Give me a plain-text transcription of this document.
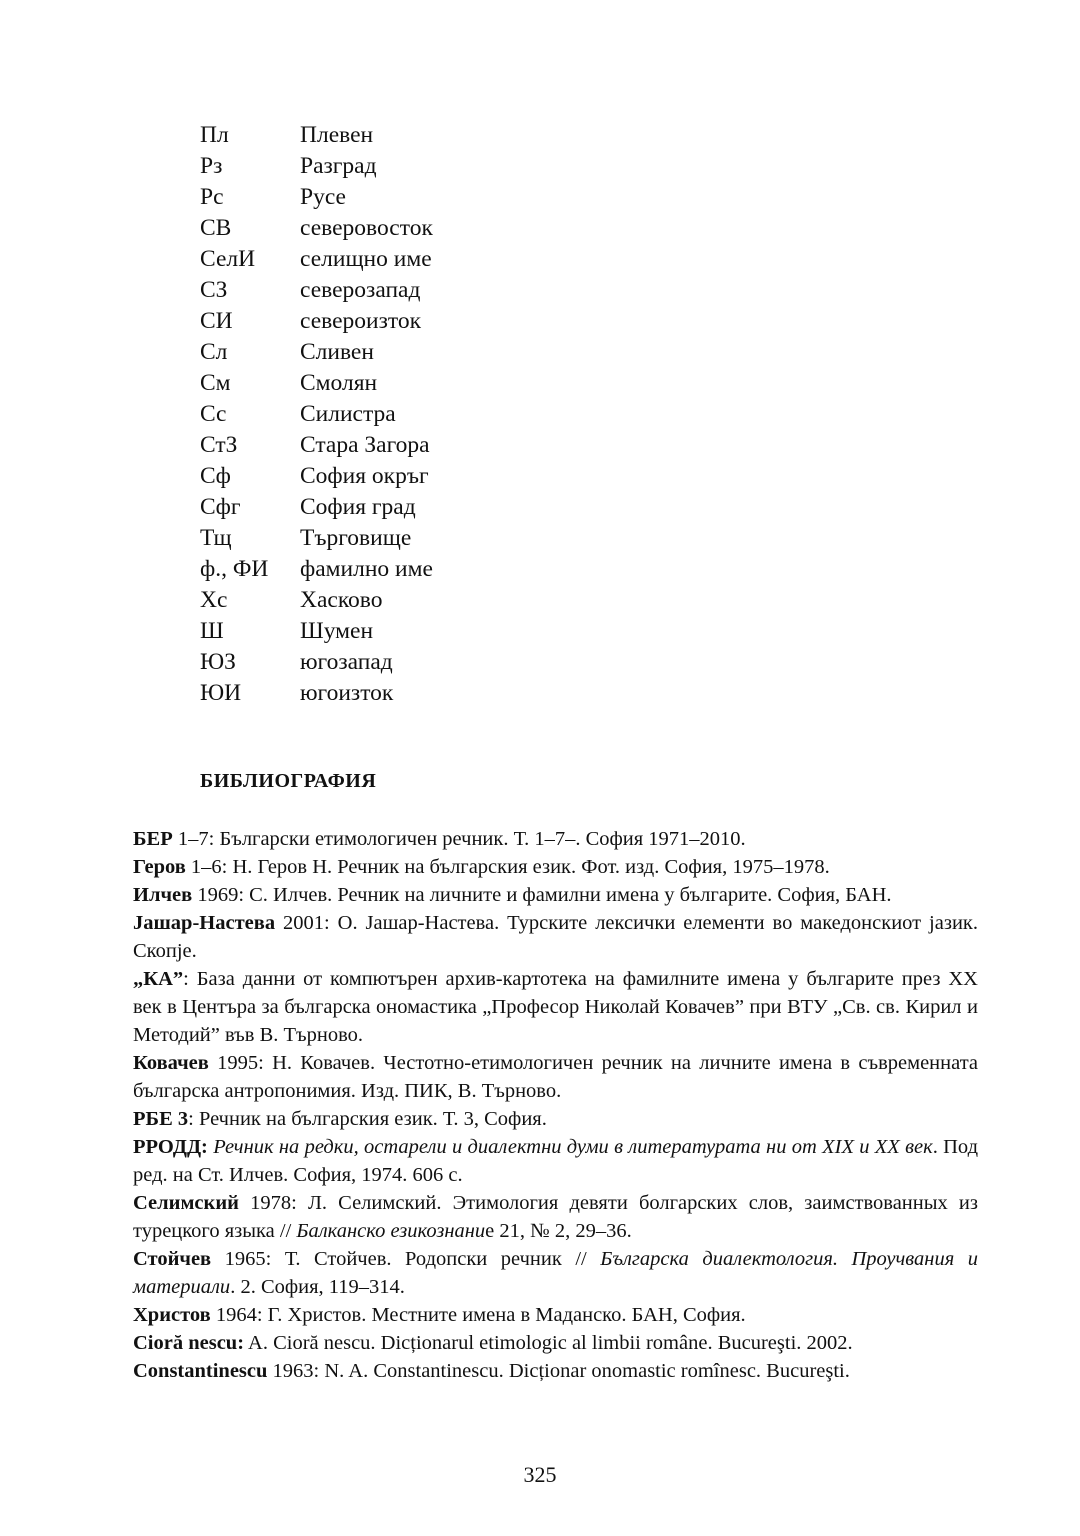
Пл	Плевен
Рз	Разград
Рс	Русе
СВ	северовосток
СелИ	селищно име
СЗ	северозапад
СИ	североизток
Сл	Сливен
См	Смолян
Сс	Силистра
СтЗ	Стара Загора
Сф	София окръг
Сфг	София град
Тщ	Търговище
ф., ФИ	фамилно име
Хс	Хасково
Ш	Шумен
ЮЗ	югозапад
ЮИ	югоизток
БИБЛИОГРАФИЯ
БЕР 1–7: Български етимологичен речник. Т. 1–7–. София 1971–2010.
Геров 1–6: Н. Геров Н. Речник на българския език. Фот. изд. София, 1975–1978.
Илчев 1969: С. Илчев. Речник на личните и фамилни имена у българите. София, БАН.
Јашар-Настева 2001: О. Јашар-Настева. Турските лексички елементи во македонскиот јазик. Скопје.
„КА”: База данни от компютърен архив-картотека на фамилните имена у българите през ХХ век в Центъра за българска ономастика „Професор Николай Ковачев” при ВТУ „Св. св. Кирил и Методий” във В. Търново.
Ковачев 1995: Н. Ковачев. Честотно-етимологичен речник на личните имена в съвременната българска антропонимия. Изд. ПИК, В. Търново.
РБЕ 3: Речник на българския език. Т. 3, София.
РРОДД: Речник на редки, остарели и диалектни думи в литературата ни от XIX и XX век. Под ред. на Ст. Илчев. София, 1974. 606 с.
Селимский 1978: Л. Селимский. Этимология девяти болгарских слов, заимствованных из турецкого языка // Балканско езикознание 21, № 2, 29–36.
Стойчев 1965: Т. Стойчев. Родопски речник // Българска диалектология. Проучвания и материали. 2. София, 119–314.
Христов 1964: Г. Христов. Местните имена в Маданско. БАН, София.
Cioră nescu: A. Cioră nescu. Dicționarul etimologic al limbii române. Bucureşti. 2002.
Constantinescu 1963: N. A. Constantinescu. Dicționar onomastic romînesc. Bucureşti.
325
